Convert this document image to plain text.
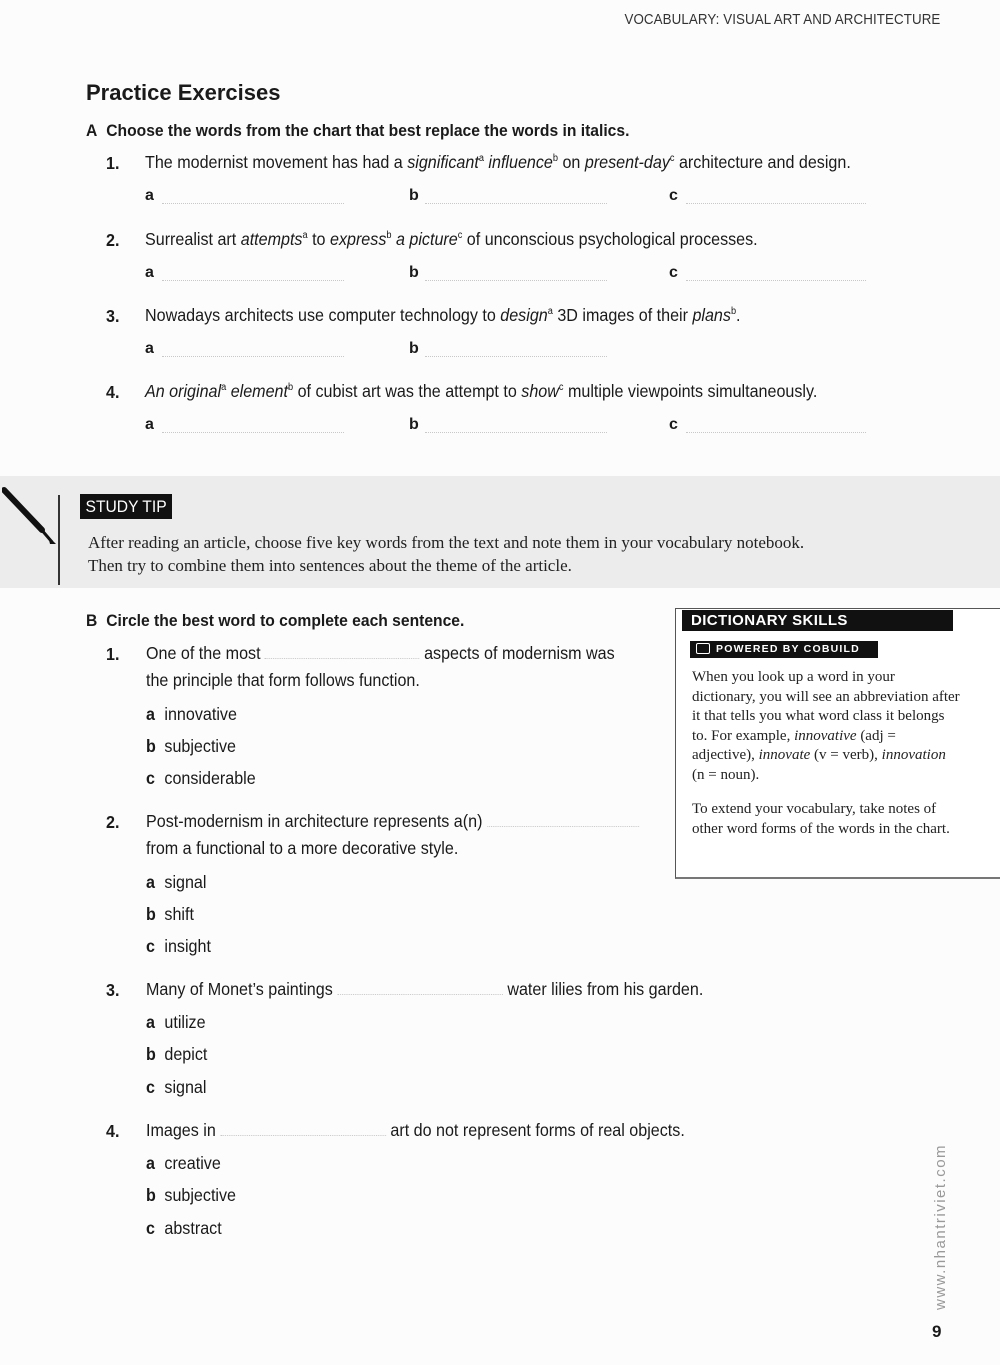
VOCABULARY: VISUAL ART AND ARCHITECTURE
Practice Exercises
A Choose the words from the chart that best replace the words in italics.
1. The modernist movement has had a significant$^a$ influence$^b$ on present-day$^c$ architecture and design.
a	b	c
2. Surrealist art attempts$^a$ to express$^b$ a picture$^c$ of unconscious psychological processes.
a	b	c
3. Nowadays architects use computer technology to design$^a$ 3D images of their plans$^b$.
a	b
4. An original$^a$ element$^b$ of cubist art was the attempt to show$^c$ multiple viewpoints simultaneously.
a	b	c
STUDY TIP
After reading an article, choose five key words from the text and note them in your vocabulary notebook.
Then try to combine them into sentences about the theme of the article.
B Circle the best word to complete each sentence.
1. One of the most	aspects of modernism was
the principle that form follows function.
a innovative
b subjective
c considerable
2. Post-modernism in architecture represents a(n)
from a functional to a more decorative style.
a signal
b shift
c insight
3. Many of Monet’s paintings	water lilies from his garden.
a utilize
b depict
c signal
4. Images in	art do not represent forms of real objects.
a creative
b subjective
c abstract
DICTIONARY SKILLS
POWERED BY COBUILD

When you look up a word in your dictionary, you will see an abbreviation after it that tells you what word class it belongs to. For example, innovative (adj = adjective), innovate (v = verb), innovation (n = noun).

To extend your vocabulary, take notes of other word forms of the words in the chart.

www.nhantriviet.com
9
